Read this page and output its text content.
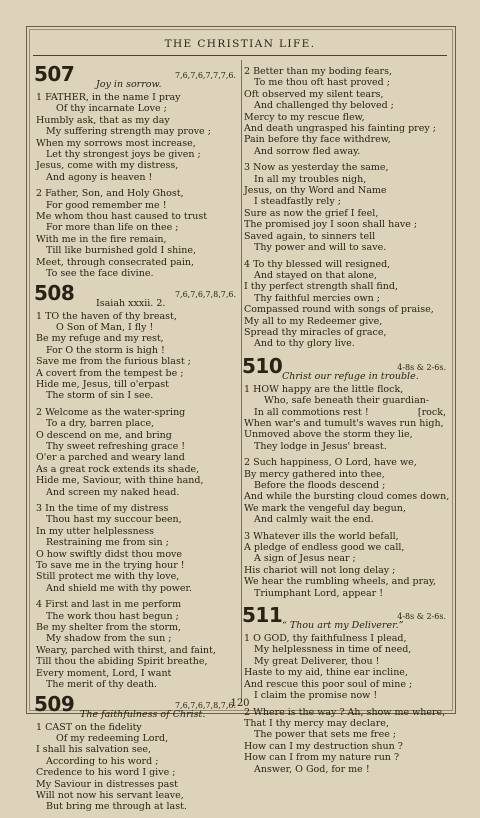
THE CHRISTIAN LIFE.
507	7,6,7,6,7,7,7,6.
Joy in sorrow.
1 FATHER, in the name I pray
Of thy incarnate Love ;
Humbly ask, that as my day
My suffering strength may prove ;
When my sorrows most increase,
Let thy strongest joys be given ;
Jesus, come with my distress,
And agony is heaven !
2 Father, Son, and Holy Ghost,
For good remember me !
Me whom thou hast caused to trust
For more than life on thee ;
With me in the fire remain,
Till like burnished gold I shine,
Meet, through consecrated pain,
To see the face divine.
508	7,6,7,6,7,8,7,6.
Isaiah xxxii. 2.
1 TO the haven of thy breast,
O Son of Man, I fly !
Be my refuge and my rest,
For O the storm is high !
Save me from the furious blast ;
A covert from the tempest be ;
Hide me, Jesus, till o'erpast
The storm of sin I see.
2 Welcome as the water-spring
To a dry, barren place,
O descend on me, and bring
Thy sweet refreshing grace !
O'er a parched and weary land
As a great rock extends its shade,
Hide me, Saviour, with thine hand,
And screen my naked head.
3 In the time of my distress
Thou hast my succour been,
In my utter helplessness
Restraining me from sin ;
O how swiftly didst thou move
To save me in the trying hour !
Still protect me with thy love,
And shield me with thy power.
4 First and last in me perform
The work thou hast begun ;
Be my shelter from the storm,
My shadow from the sun ;
Weary, parched with thirst, and faint,
Till thou the abiding Spirit breathe,
Every moment, Lord, I want
The merit of thy death.
509	7,6,7,6,7,8,7,6.
The faithfulness of Christ.
1 CAST on the fidelity
Of my redeeming Lord,
I shall his salvation see,
According to his word ;
Credence to his word I give ;
My Saviour in distresses past
Will not now his servant leave,
But bring me through at last.
2 Better than my boding fears,
To me thou oft hast proved ;
Oft observed my silent tears,
And challenged thy beloved ;
Mercy to my rescue flew,
And death ungrasped his fainting prey ;
Pain before thy face withdrew,
And sorrow fled away.
3 Now as yesterday the same,
In all my troubles nigh,
Jesus, on thy Word and Name
I steadfastly rely ;
Sure as now the grief I feel,
The promised joy I soon shall have ;
Saved again, to sinners tell
Thy power and will to save.
4 To thy blessed will resigned,
And stayed on that alone,
I thy perfect strength shall find,
Thy faithful mercies own ;
Compassed round with songs of praise,
My all to my Redeemer give,
Spread thy miracles of grace,
And to thy glory live.
510	4-8s & 2-6s.
Christ our refuge in trouble.
1 HOW happy are the little flock,
Who, safe beneath their guardian-
In all commotions rest !	[rock,
When war's and tumult's waves run high,
Unmoved above the storm they lie,
They lodge in Jesus' breast.
2 Such happiness, O Lord, have we,
By mercy gathered into thee,
Before the floods descend ;
And while the bursting cloud comes down,
We mark the vengeful day begun,
And calmly wait the end.
3 Whatever ills the world befall,
A pledge of endless good we call,
A sign of Jesus near ;
His chariot will not long delay ;
We hear the rumbling wheels, and pray,
Triumphant Lord, appear !
511	4-8s & 2-6s.
“ Thou art my Deliverer.”
1 O GOD, thy faithfulness I plead,
My helplessness in time of need,
My great Deliverer, thou !
Haste to my aid, thine ear incline,
And rescue this poor soul of mine ;
I claim the promise now !
2 Where is the way ? Ah, show me where,
That I thy mercy may declare,
The power that sets me free ;
How can I my destruction shun ?
How can I from my nature run ?
Answer, O God, for me !
120
